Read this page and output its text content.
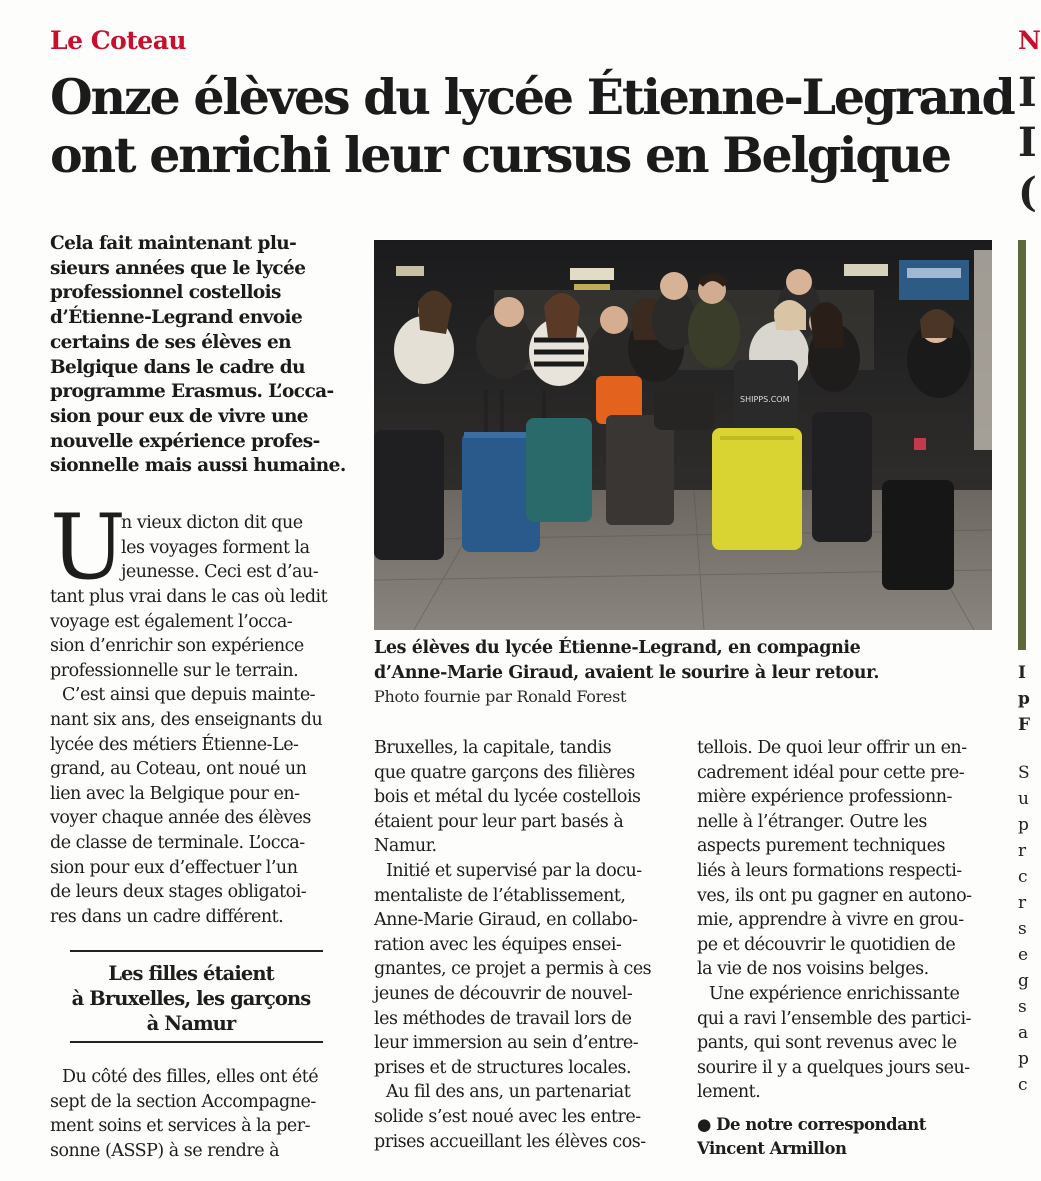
Le Coteau
Onze élèves du lycée Étienne-Legrand
ont enrichi leur cursus en Belgique
Cela fait maintenant plu-
sieurs années que le lycée
professionnel costellois
d’Étienne-Legrand envoie
certains de ses élèves en
Belgique dans le cadre du
programme Erasmus. L’occa-
sion pour eux de vivre une
nouvelle expérience profes-
sionnelle mais aussi humaine.
U
n vieux dicton dit que
les voyages forment la
jeunesse. Ceci est d’au-
tant plus vrai dans le cas où ledit
voyage est également l’occa-
sion d’enrichir son expérience
professionnelle sur le terrain.
C’est ainsi que depuis mainte-
nant six ans, des enseignants du
lycée des métiers Étienne-Le-
grand, au Coteau, ont noué un
lien avec la Belgique pour en-
voyer chaque année des élèves
de classe de terminale. L’occa-
sion pour eux d’effectuer l’un
de leurs deux stages obligatoi-
res dans un cadre différent.
Les filles étaient
à Bruxelles, les garçons
à Namur
Du côté des filles, elles ont été
sept de la section Accompagne-
ment soins et services à la per-
sonne (ASSP) à se rendre à
SHIPPS.COM
Les élèves du lycée Étienne-Legrand, en compagnie
d’Anne-Marie Giraud, avaient le sourire à leur retour.
Photo fournie par Ronald Forest
Bruxelles, la capitale, tandis
que quatre garçons des filières
bois et métal du lycée costellois
étaient pour leur part basés à
Namur.
Initié et supervisé par la docu-
mentaliste de l’établissement,
Anne-Marie Giraud, en collabo-
ration avec les équipes ensei-
gnantes, ce projet a permis à ces
jeunes de découvrir de nouvel-
les méthodes de travail lors de
leur immersion au sein d’entre-
prises et de structures locales.
Au fil des ans, un partenariat
solide s’est noué avec les entre-
prises accueillant les élèves cos-
tellois. De quoi leur offrir un en-
cadrement idéal pour cette pre-
mière expérience professionn-
nelle à l’étranger. Outre les
aspects purement techniques
liés à leurs formations respecti-
ves, ils ont pu gagner en autono-
mie, apprendre à vivre en grou-
pe et découvrir le quotidien de
la vie de nos voisins belges.
Une expérience enrichissante
qui a ravi l’ensemble des partici-
pants, qui sont revenus avec le
sourire il y a quelques jours seu-
lement.
● De notre correspondant
Vincent Armillon
N
I
I
(
I
p
F
S
u
p
r
c
r
s
e
g
s
a
p
c
